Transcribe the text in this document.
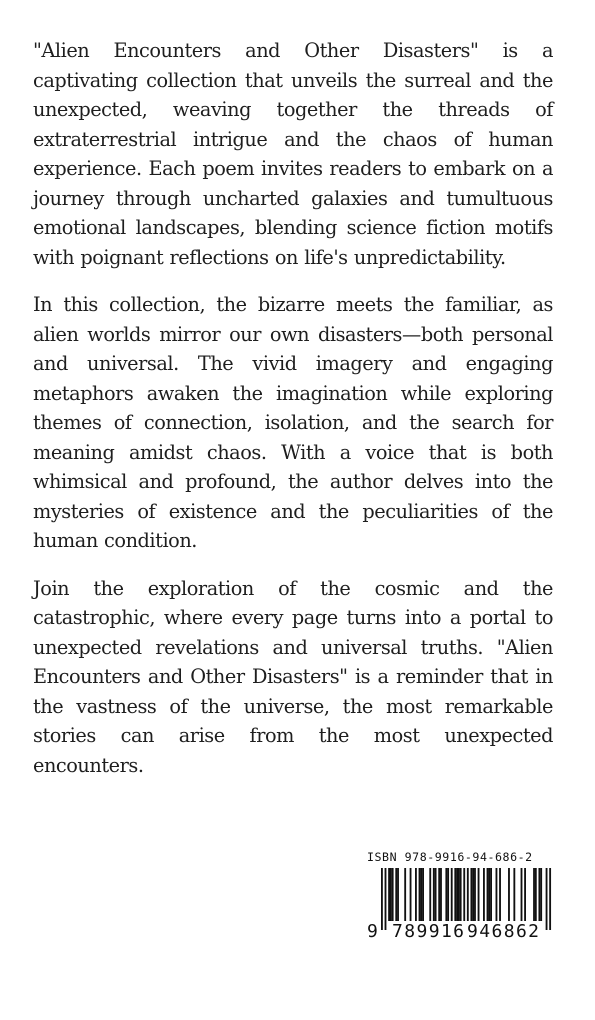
"Alien Encounters and Other Disasters" is a captivating collection that unveils the surreal and the unexpected, weaving together the threads of extraterrestrial intrigue and the chaos of human experience. Each poem invites readers to embark on a journey through uncharted galaxies and tumultuous emotional landscapes, blending science fiction motifs with poignant reflections on life's unpredictability.

In this collection, the bizarre meets the familiar, as alien worlds mirror our own disasters—both personal and universal. The vivid imagery and engaging metaphors awaken the imagination while exploring themes of connection, isolation, and the search for meaning amidst chaos. With a voice that is both whimsical and profound, the author delves into the mysteries of existence and the peculiarities of the human condition.

Join the exploration of the cosmic and the catastrophic, where every page turns into a portal to unexpected revelations and universal truths. "Alien Encounters and Other Disasters" is a reminder that in the vastness of the universe, the most remarkable stories can arise from the most unexpected encounters.

ISBN 978-9916-94-686-2
9 789916 946862
